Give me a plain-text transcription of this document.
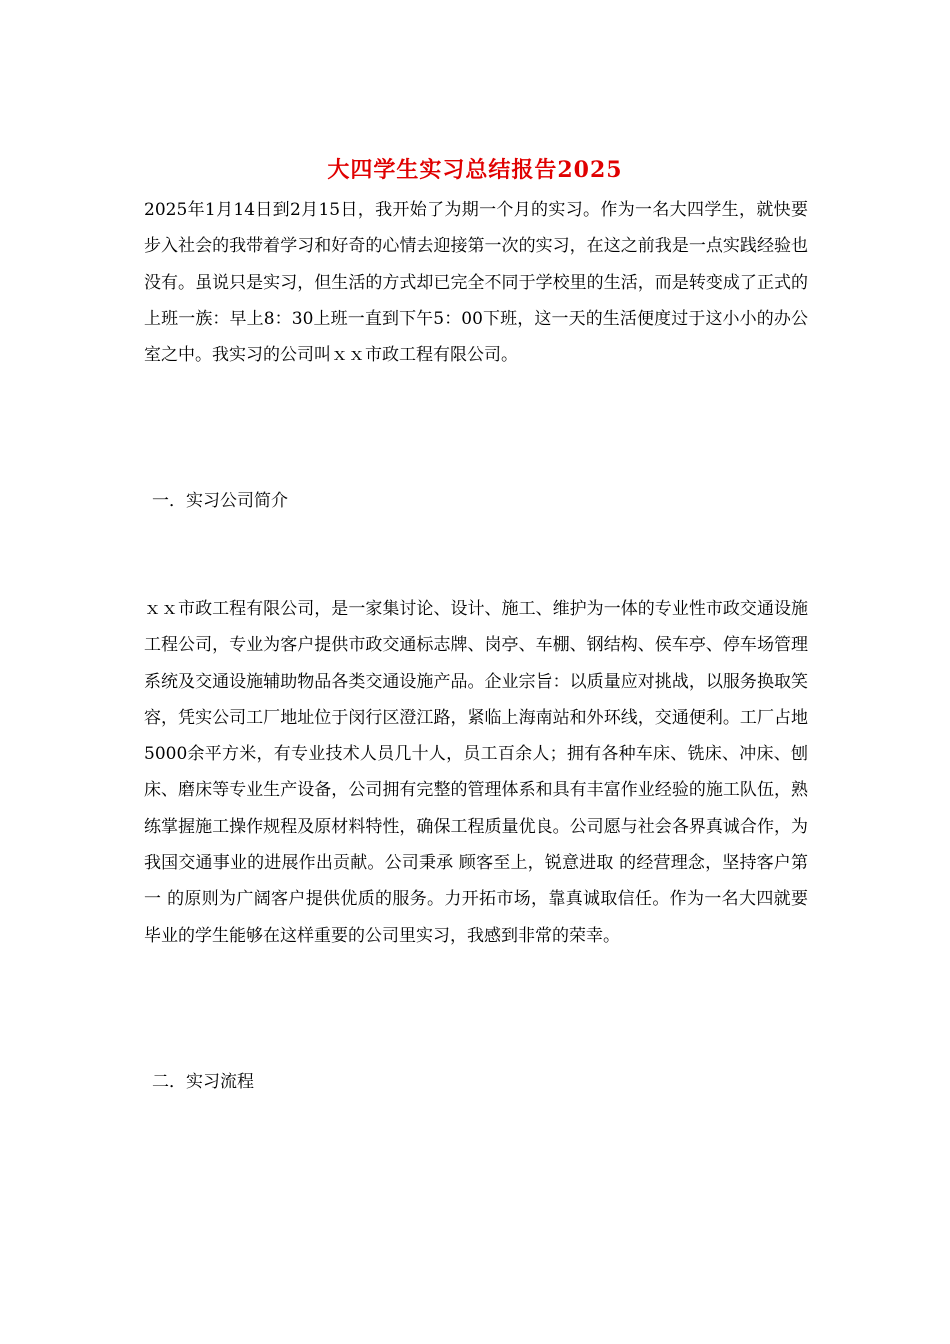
大四学生实习总结报告2025

2025年1月14日到2月15日，我开始了为期一个月的实习。作为一名大四学生，就快要步入社会的我带着学习和好奇的心情去迎接第一次的实习，在这之前我是一点实践经验也没有。虽说只是实习，但生活的方式却已完全不同于学校里的生活，而是转变成了正式的上班一族：早上8：30上班一直到下午5：00下班，这一天的生活便度过于这小小的办公室之中。我实习的公司叫ｘｘ市政工程有限公司。

一．实习公司简介

ｘｘ市政工程有限公司，是一家集讨论、设计、施工、维护为一体的专业性市政交通设施工程公司，专业为客户提供市政交通标志牌、岗亭、车棚、钢结构、侯车亭、停车场管理系统及交通设施辅助物品各类交通设施产品。企业宗旨：以质量应对挑战，以服务换取笑容，凭实公司工厂地址位于闵行区澄江路，紧临上海南站和外环线，交通便利。工厂占地5000余平方米，有专业技术人员几十人，员工百余人；拥有各种车床、铣床、冲床、刨床、磨床等专业生产设备，公司拥有完整的管理体系和具有丰富作业经验的施工队伍，熟练掌握施工操作规程及原材料特性，确保工程质量优良。公司愿与社会各界真诚合作，为我国交通事业的进展作出贡献。公司秉承 顾客至上，锐意进取 的经营理念，坚持客户第一 的原则为广阔客户提供优质的服务。力开拓市场，靠真诚取信任。作为一名大四就要毕业的学生能够在这样重要的公司里实习，我感到非常的荣幸。

二．实习流程
